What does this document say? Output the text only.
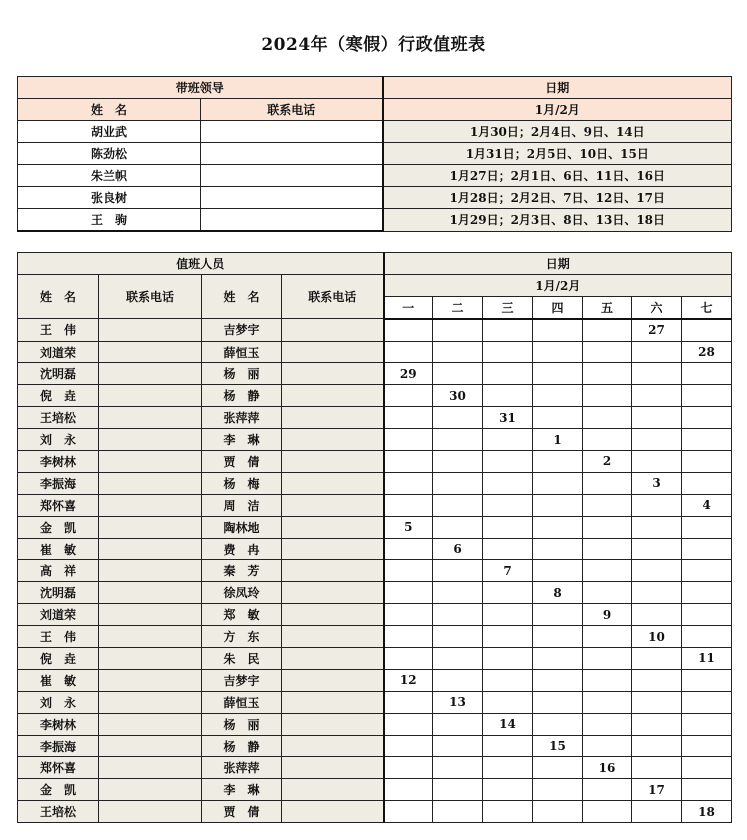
2024年（寒假）行政值班表
带班领导		日期
姓　名	联系电话	1月/2月
胡业武		1月30日；2月4日、9日、14日
陈劲松		1月31日；2月5日、10日、15日
朱兰帜		1月27日；2月1日、6日、11日、16日
张良树		1月28日；2月2日、7日、12日、17日
王　驹		1月29日；2月3日、8日、13日、18日
值班人员				日期						
姓　名	联系电话	姓　名	联系电话	1月/2月						
				一	二	三	四	五	六	七
王　伟		吉梦宇							27	
刘道荣		薛恒玉								28
沈明磊		杨　丽		29						
倪　垚		杨　静			30					
王培松		张萍萍				31				
刘　永		李　琳					1			
李树林		贾　倩						2		
李振海		杨　梅							3	
郑怀喜		周　洁								4
金　凯		陶林地		5						
崔　敏		费　冉			6					
高　祥		秦　芳				7				
沈明磊		徐凤玲					8			
刘道荣		郑　敏						9		
王　伟		方　东							10	
倪　垚		朱　民								11
崔　敏		吉梦宇		12						
刘　永		薛恒玉			13					
李树林		杨　丽				14				
李振海		杨　静					15			
郑怀喜		张萍萍						16		
金　凯		李　琳							17	
王培松		贾　倩								18
